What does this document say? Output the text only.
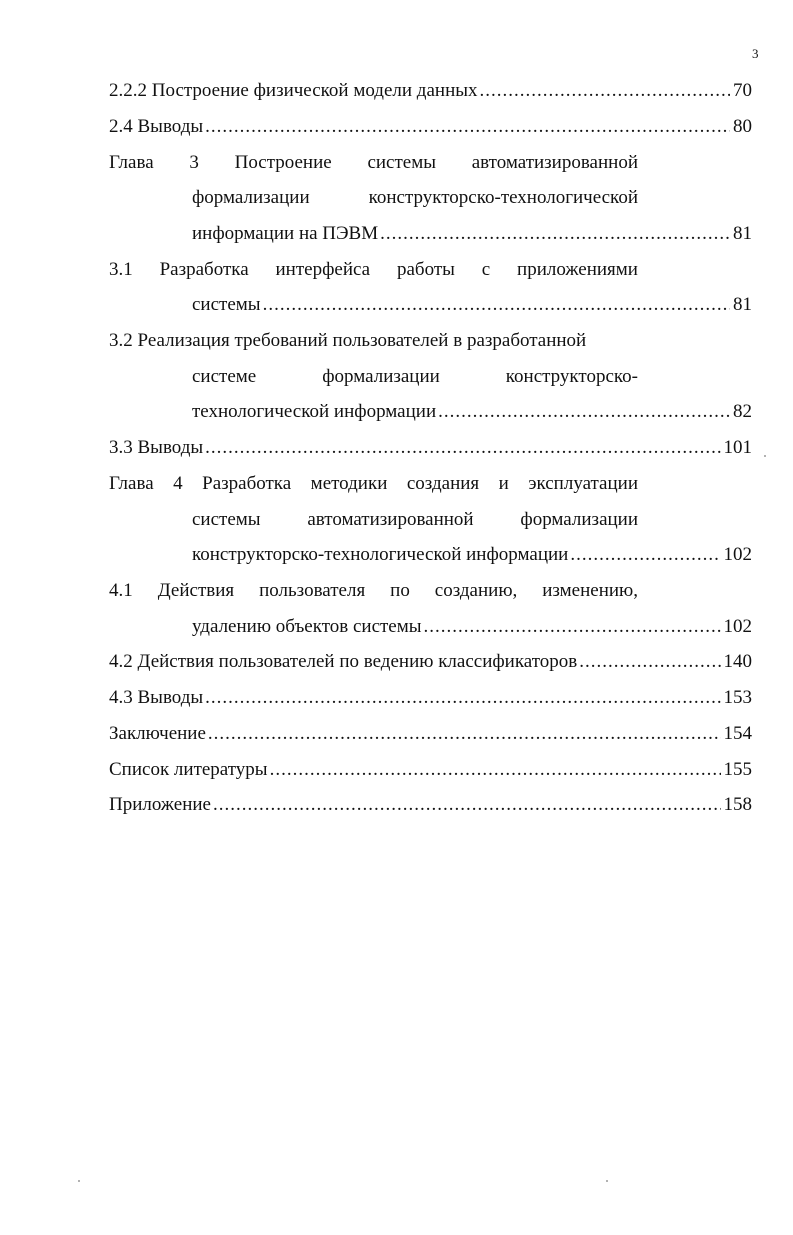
3
2.2.2 Построение физической модели данных .....	70
2.4 Выводы .....	80
Глава 3 Построение системы автоматизированной
формализации	конструкторско-технологической
информации на ПЭВМ .....	81
3.1 Разработка интерфейса работы с приложениями
системы .....	81
3.2 Реализация требований пользователей в разработанной
системе	формализации	конструкторско-
технологической информации .....	82
3.3 Выводы .....	101
Глава 4 Разработка методики создания и эксплуатации
системы автоматизированной формализации
конструкторско-технологической информации .....	102
4.1 Действия пользователя по созданию, изменению,
удалению объектов системы .....	102
4.2 Действия пользователей по ведению классификаторов .....	140
4.3 Выводы .....	153
Заключение .....	154
Список литературы .....	155
Приложение .....	158
